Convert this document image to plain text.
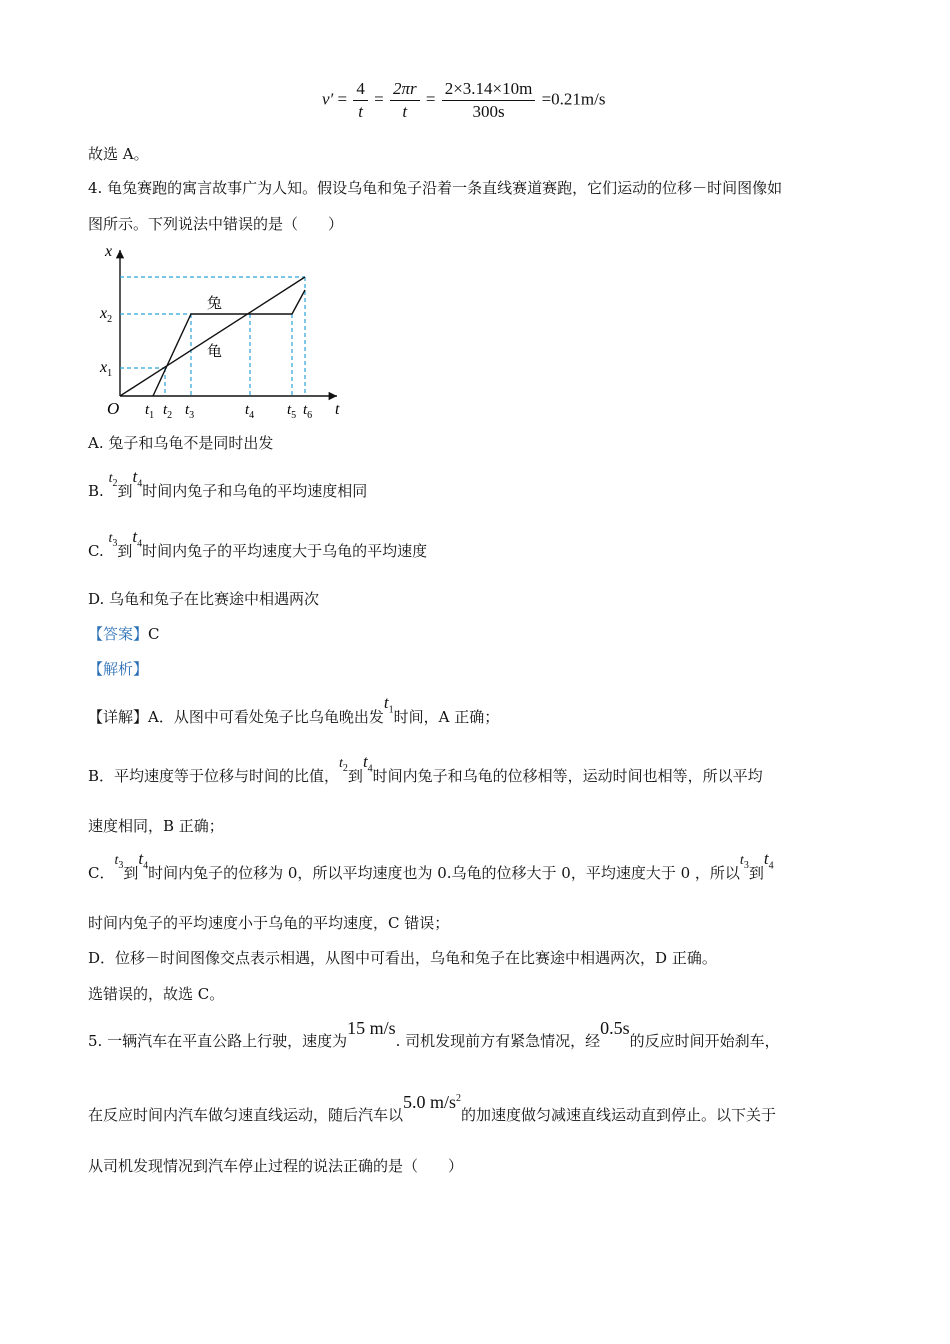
$v' = \frac{4}{t} = \frac{2\pi r}{t} = \frac{2\times 3.14\times 10m}{300s} =0.21m/s$
故选 A。
4. 龟兔赛跑的寓言故事广为人知。假设乌龟和兔子沿着一条直线赛道赛跑，它们运动的位移－时间图像如
图所示。下列说法中错误的是（　　）
x
t
O
$x_2$
$x_1$
兔
龟
$t_1$ $t_2$ $t_3$	$t_4$ $t_5$ $t_6$
A. 兔子和乌龟不是同时出发
B. $t_2$到$t_4$时间内兔子和乌龟的平均速度相同
C. $t_3$到$t_4$时间内兔子的平均速度大于乌龟的平均速度
D. 乌龟和兔子在比赛途中相遇两次
【答案】C
【解析】
【详解】A．从图中可看处兔子比乌龟晚出发$t_1$时间，A 正确；
B．平均速度等于位移与时间的比值，$t_2$到$t_4$时间内兔子和乌龟的位移相等，运动时间也相等，所以平均
速度相同，B 正确；
C．$t_3$到$t_4$时间内兔子的位移为 0，所以平均速度也为 0.乌龟的位移大于 0，平均速度大于 0 ，所以$t_3$到$t_4$
时间内兔子的平均速度小于乌龟的平均速度，C 错误；
D．位移－时间图像交点表示相遇，从图中可看出，乌龟和兔子在比赛途中相遇两次，D 正确。
选错误的，故选 C。
5. 一辆汽车在平直公路上行驶，速度为15 m/s. 司机发现前方有紧急情况，经0.5s的反应时间开始刹车，
在反应时间内汽车做匀速直线运动，随后汽车以5.0 $m/s^2$的加速度做匀减速直线运动直到停止。以下关于
从司机发现情况到汽车停止过程的说法正确的是（　　）
